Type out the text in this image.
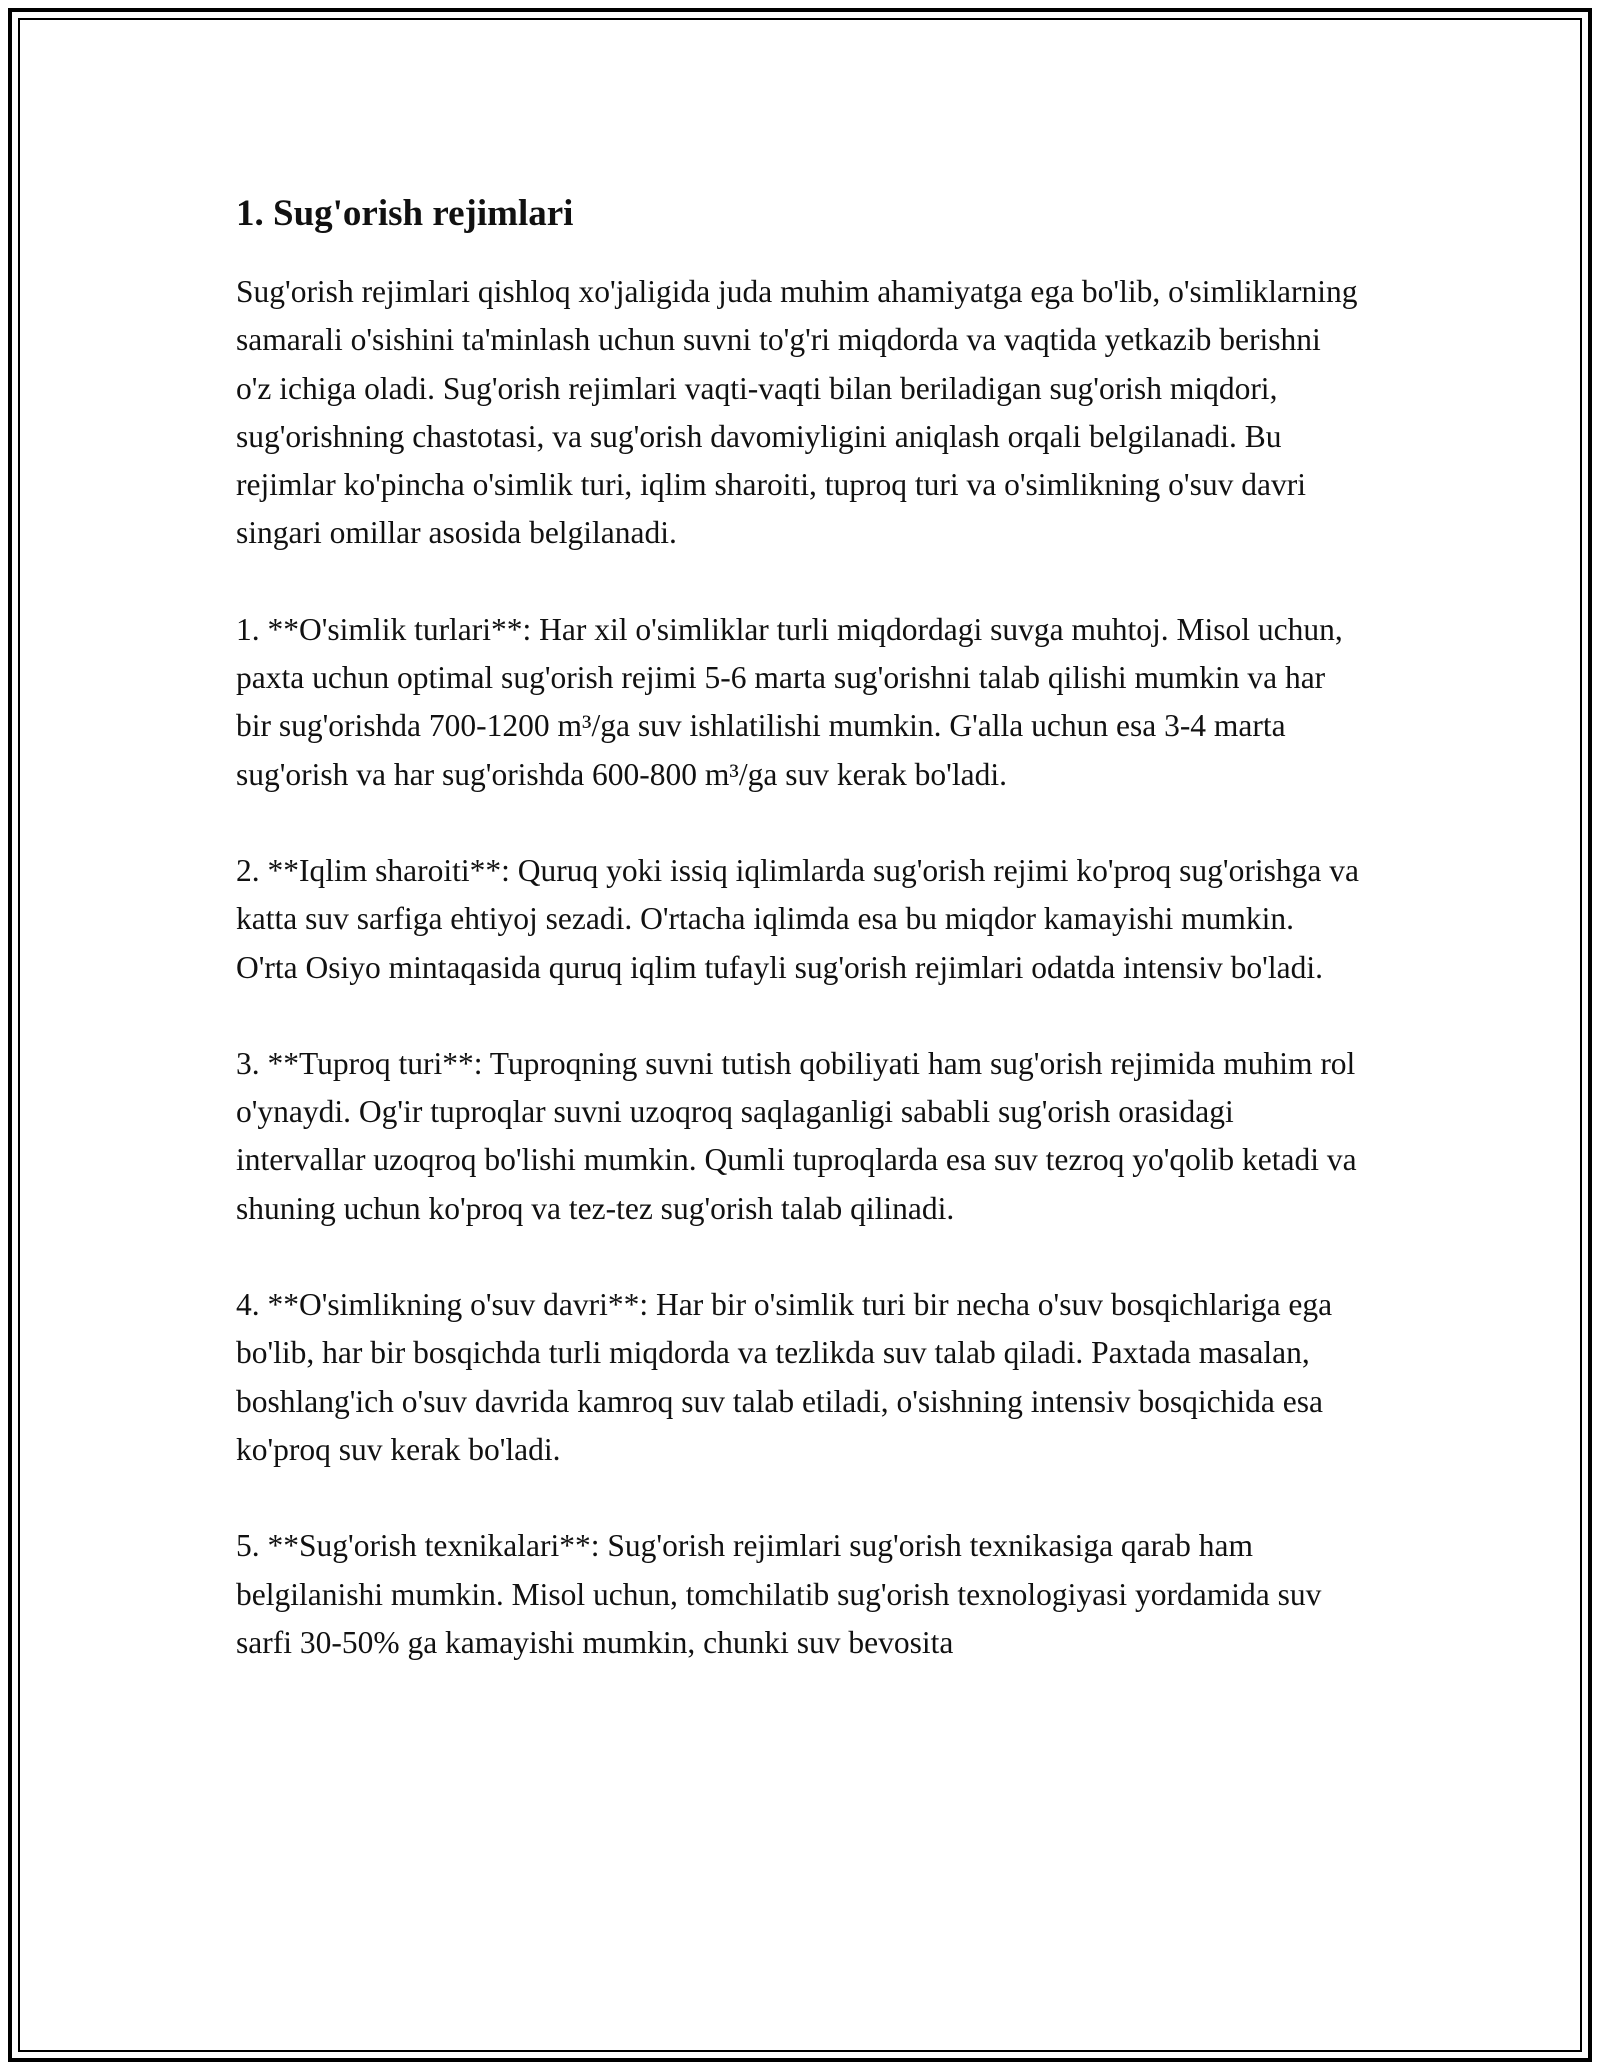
1. Sug'orish rejimlari

Sug'orish rejimlari qishloq xo'jaligida juda muhim ahamiyatga ega bo'lib, o'simliklarning samarali o'sishini ta'minlash uchun suvni to'g'ri miqdorda va vaqtida yetkazib berishni o'z ichiga oladi. Sug'orish rejimlari vaqti-vaqti bilan beriladigan sug'orish miqdori, sug'orishning chastotasi, va sug'orish davomiyligini aniqlash orqali belgilanadi. Bu rejimlar ko'pincha o'simlik turi, iqlim sharoiti, tuproq turi va o'simlikning o'suv davri singari omillar asosida belgilanadi.

1. **O'simlik turlari**: Har xil o'simliklar turli miqdordagi suvga muhtoj. Misol uchun, paxta uchun optimal sug'orish rejimi 5-6 marta sug'orishni talab qilishi mumkin va har bir sug'orishda 700-1200 m³/ga suv ishlatilishi mumkin. G'alla uchun esa 3-4 marta sug'orish va har sug'orishda 600-800 m³/ga suv kerak bo'ladi.

2. **Iqlim sharoiti**: Quruq yoki issiq iqlimlarda sug'orish rejimi ko'proq sug'orishga va katta suv sarfiga ehtiyoj sezadi. O'rtacha iqlimda esa bu miqdor kamayishi mumkin. O'rta Osiyo mintaqasida quruq iqlim tufayli sug'orish rejimlari odatda intensiv bo'ladi.

3. **Tuproq turi**: Tuproqning suvni tutish qobiliyati ham sug'orish rejimida muhim rol o'ynaydi. Og'ir tuproqlar suvni uzoqroq saqlaganligi sababli sug'orish orasidagi intervallar uzoqroq bo'lishi mumkin. Qumli tuproqlarda esa suv tezroq yo'qolib ketadi va shuning uchun ko'proq va tez-tez sug'orish talab qilinadi.

4. **O'simlikning o'suv davri**: Har bir o'simlik turi bir necha o'suv bosqichlariga ega bo'lib, har bir bosqichda turli miqdorda va tezlikda suv talab qiladi. Paxtada masalan, boshlang'ich o'suv davrida kamroq suv talab etiladi, o'sishning intensiv bosqichida esa ko'proq suv kerak bo'ladi.

5. **Sug'orish texnikalari**: Sug'orish rejimlari sug'orish texnikasiga qarab ham belgilanishi mumkin. Misol uchun, tomchilatib sug'orish texnologiyasi yordamida suv sarfi 30-50% ga kamayishi mumkin, chunki suv bevosita
